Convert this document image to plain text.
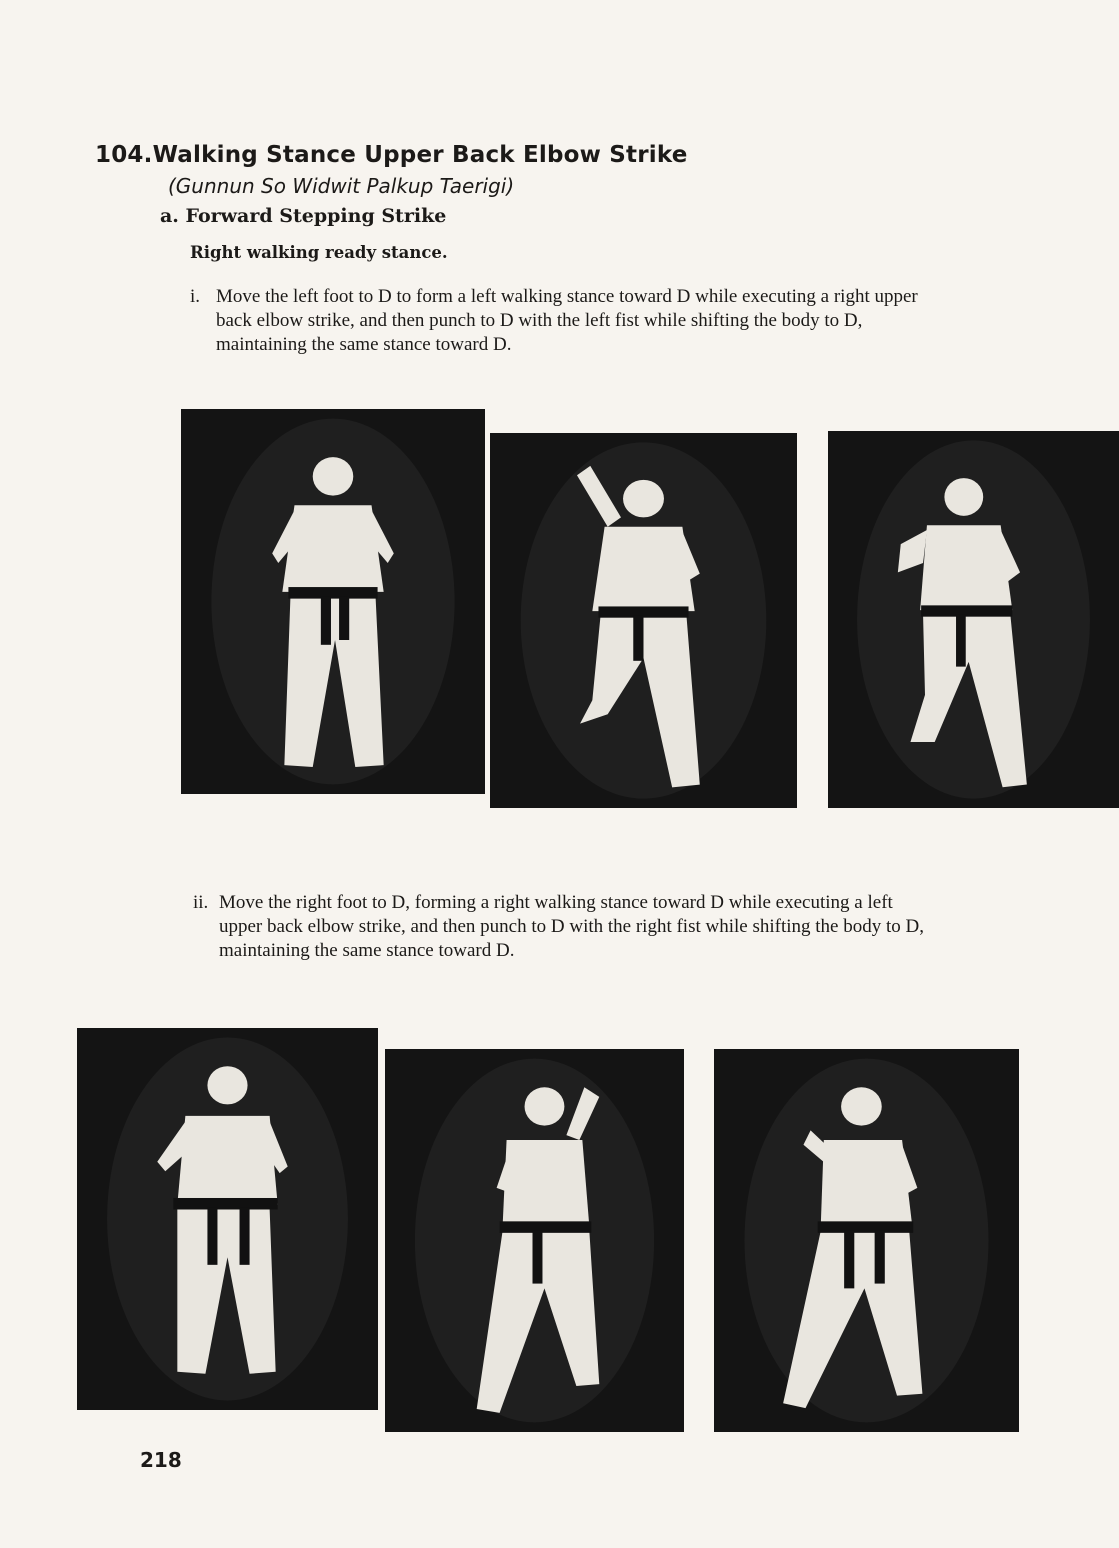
104.Walking Stance Upper Back Elbow Strike
(Gunnun So Widwit Palkup Taerigi)
a. Forward Stepping Strike
Right walking ready stance.
i. Move the left foot to D to form a left walking stance toward D while executing a right upper back elbow strike, and then punch to D with the left fist while shifting the body to D, maintaining the same stance toward D.
ii. Move the right foot to D, forming a right walking stance toward D while executing a left upper back elbow strike, and then punch to D with the right fist while shifting the body to D, maintaining the same stance toward D.
218
